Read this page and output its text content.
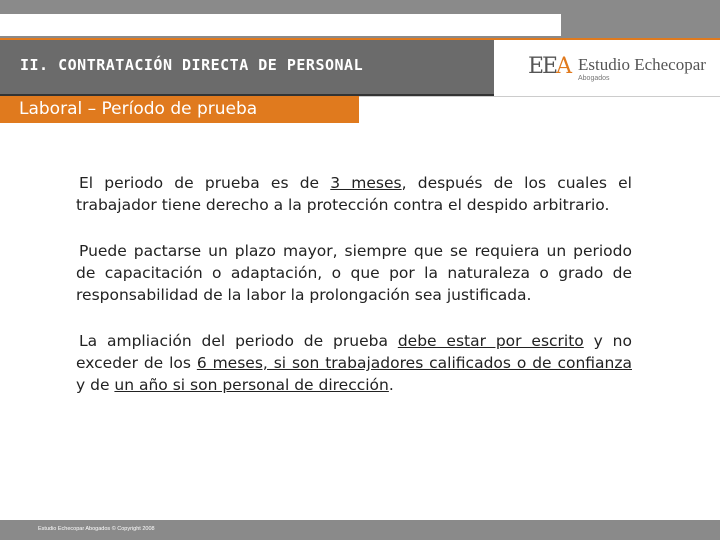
II. CONTRATACIÓN DIRECTA DE PERSONAL	EEA Estudio Echecopar
Abogados
Laboral – Período de prueba

El periodo de prueba es de 3 meses, después de los cuales el trabajador tiene derecho a la protección contra el despido arbitrario.

Puede pactarse un plazo mayor, siempre que se requiera un periodo de capacitación o adaptación, o que por la naturaleza o grado de responsabilidad de la labor la prolongación sea justificada.

La ampliación del periodo de prueba debe estar por escrito y no exceder de los 6 meses, si son trabajadores calificados o de confianza y de un año si son personal de dirección.

Estudio Echecopar Abogados © Copyright 2008
